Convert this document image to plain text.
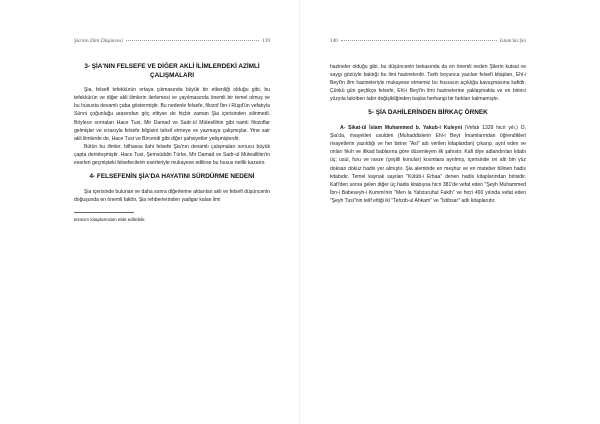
Şia'nın Dini Düşüncesi	139
3- ŞİA'NIN FELSEFE VE DİĞER AKLİ İLİMLERDEKİ AZİMLİ ÇALIŞMALARI

Şia, felsefi tefekkürün ortaya çıkmasında büyük bir etkenliği olduğu gibi, bu tefekkürün ve diğer akli ilimlerin ilerlemesi ve yayılmasında önemli bir temel olmuş ve bu hususta devamlı çaba göstermiştir. Bu nedenle felsefe, filozof İbn-i Rüşd'ün vefatıyla Sünni çoğunluğu arasından göç ettiyse de hiçbir zaman Şia içerisinden silinmedi. Böylece sonraları Hace Tusi, Mir Damad ve Sadr-ül Müteellihin gibi namlı filozoflar gelmişler ve sırasıyla felsefe bilgisini tahsil etmeye ve yazmaya çalışmışlar. Yine sair akli ilimlerde de, Hace Tusi ve Bircendi gibi diğer şahsiyetler yetişmişlerdir.

Bütün bu ilimler, bilhassa ilahi felsefe Şia'nın devamlı çalışmaları sonucu büyük çapta derinleşmiştir. Hace Tusi, Şemsüddin Türke, Mir Damad ve Sadr-ul Müteallihin'in eserleri geçmişteki felsefecilerin eserleriyle mukayese edilirse bu husus netlik kazanır.

4- FELSEFENİN ŞİA'DA HAYATINI SÜRDÜRME NEDENİ

Şia içerisinde bulunan ve daha sonra diğerlerine aktarılan akli ve felsefi düşüncenin doğuşunda en önemli faktör, Şia rehberlerinden yadigar kalan ilmi

teracim kitaplarından elde edilebilir.

140	İslam'da Şia

hazineler olduğu gibi, bu düşüncenin bekasında da en önemli neden Şilerin kutsal ve saygı gözüyle baktığı bu ilmi hazinelerdir. Tarih boyunca yazılan felsefi kitapları, Ehl-i Beyt'in ilim hazineleriyle mukayese etmemiz bu hususun açıklığa kavuşmasına kafidir. Çünkü gün geçtikçe felsefe, Ehl-i Beyt'in ilmi hazinelerine yaklaşmakta ve en birinci yüzyıla takriben tabir değişikliğinden başka herhangi bir farkları kalmamıştır.

5- ŞİA DAHİLERİNDEN BİRKAÇ ÖRNEK

A- Sikat-ül İslam Muhammed b. Yakub-i Kuleyni (Vefatı 1329 hicri yılı.) O, Şia'da, rivayetleri usulden (Muhaddislerin Ehl-i Beyt İmamlarından öğrendikleri rivayetlerin yazıldığı ve her birine "Asl" adı verilen kitaplardan) çıkarıp, ayrıt eden ve onları fıkıh ve itikad bablarına göre düzenleyen ilk şahıstır. Kafi diye adlandırılan kitabı üç; usul, furu ve ravze (çeşitli konular) kısımlara ayrılmış, içerisinde on altı bin yüz doksan dokuz hadis yer almıştır. Şia aleminde en meşhur ve en muteber bilinen hadis kitabıdır. Temel kaynak sayılan "Kütüb-i Erbaa" denen hadis kitaplarından birisidir. Kafi'den sonra gelen diğer üç hadis kitabıysa hicri 381'de vefat eden "Şeyh Muhammed İbn-i Babeveyh-i Kummi'nin "Men la Yahzuruhul Fakih" ve hicri 460 yılında vefat eden "Şeyh Tusi"nin telif ettiği iki "Tehzib-ul Ahkam" ve "İstibsar" adlı kitaplarıdır.
